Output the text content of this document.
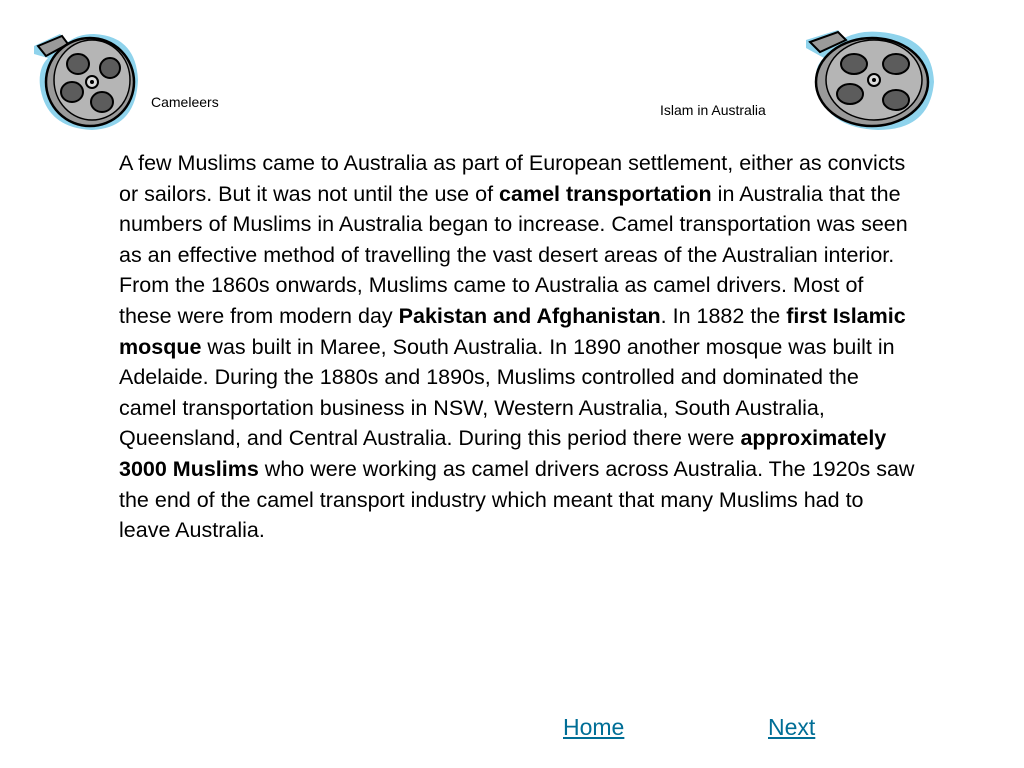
Cameleers	Islam in Australia

A few Muslims came to Australia as part of European settlement, either as convicts or sailors. But it was not until the use of camel transportation in Australia that the numbers of Muslims in Australia began to increase. Camel transportation was seen as an effective method of travelling the vast desert areas of the Australian interior. From the 1860s onwards, Muslims came to Australia as camel drivers. Most of these were from modern day Pakistan and Afghanistan. In 1882 the first Islamic mosque was built in Maree, South Australia. In 1890 another mosque was built in Adelaide. During the 1880s and 1890s, Muslims controlled and dominated the camel transportation business in NSW, Western Australia, South Australia, Queensland, and Central Australia. During this period there were approximately 3000 Muslims who were working as camel drivers across Australia. The 1920s saw the end of the camel transport industry which meant that many Muslims had to leave Australia.

Home	Next
